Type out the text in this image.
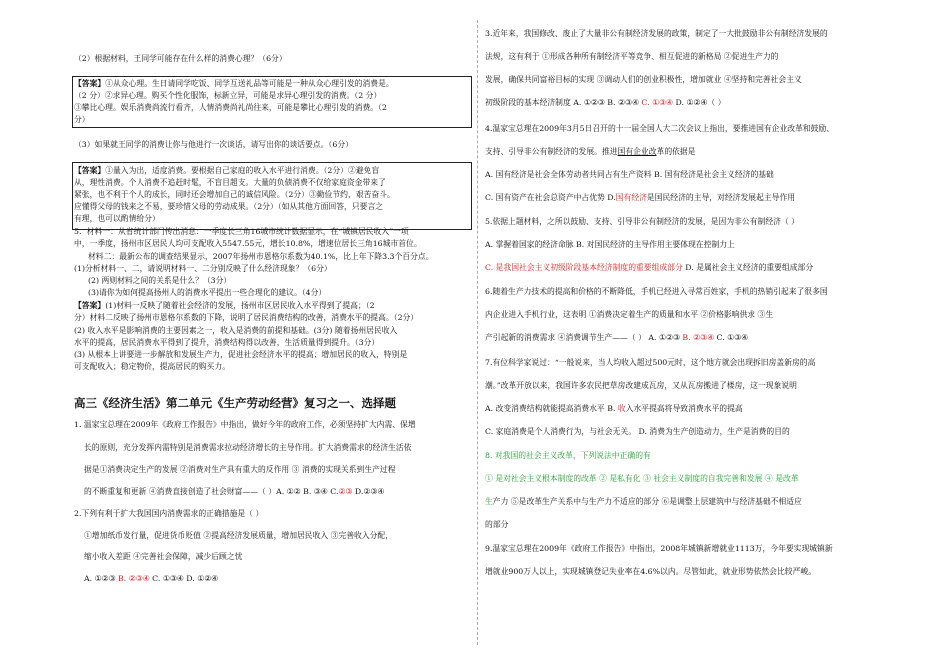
（2）根据材料，王同学可能存在什么样的消费心理？（6分）
【答案】①从众心理。生日请同学吃饭、同学互送礼品等可能是一种从众心理引发的消费是。
（2 分）②求异心理。购买个性化服饰，标新立异，可能是求异心理引发的消费。（2 分）
③攀比心理。娱乐消费尚流行看齐，人情消费尚礼尚往来，可能是攀比心理引发的消费。（2
分）
（3）如果就王同学的消费让你与他进行一次谈话，请写出你的谈话要点。（6分）
【答案】①量入为出，适度消费。要根据自己家庭的收入水平进行消费。（2分）②避免盲
从，理性消费。个人消费不追赶时髦，不盲目超支。大量的负债消费不仅给家庭资金带来了
紧张，也不利于个人的成长，同时还会增加自己的诚信风险。（2分）③勤俭节约，艰苦奋斗。
应懂得父母的钱来之不易，要珍惜父母的劳动成果。（2分）（如从其他方面回答，只要言之
有理，也可以酌情给分）
5．材料一：从省统计部门传出消息：一季度长三角16城市统计数据显示，在“城镇居民收入”一项
中，一季度，扬州市区居民人均可支配收入5547.55元，增长10.8%，增速位居长三角16城市首位。
材料二：最新公布的调查结果显示，2007年扬州市恩格尔系数为40.1%，比上年下降3.3个百分点。
(1)分析材料一、二，请说明材料一、二分别反映了什么经济现象？（6分）
(2) 两则材料之间的关系是什么？（3分）
(3)请你为如何提高扬州人的消费水平提出一些合理化的建议。（4分）
【答案】(1)材料一反映了随着社会经济的发展，扬州市区居民收入水平得到了提高；（2
分）材料二反映了扬州市恩格尔系数的下降，说明了居民消费结构的改善，消费水平的提高。（2分）
(2) 收入水平是影响消费的主要因素之一，收入是消费的前提和基础。(3分) 随着扬州居民收入
水平的提高，居民消费水平得到了提升，消费结构得以改善，生活质量得到提升。（3分）
(3) 从根本上讲要进一步解放和发展生产力，促进社会经济水平的提高；增加居民的收入，特别是
可支配收入；稳定物价，提高居民的购买力。
高三《经济生活》第二单元《生产劳动经营》复习之一、选择题
1. 温家宝总理在2009年《政府工作报告》中指出，做好今年的政府工作，必须坚持扩大内需、保增
长的原则，充分发挥内需特别是消费需求拉动经济增长的主导作用。扩大消费需求的经济生活依
据是①消费决定生产的发展 ②消费对生产具有重大的反作用 ③ 消费的实现关系到生产过程
的不断重复和更新 ④消费直接创造了社会财富——（ ）A. ①② B. ③④ C.②③ D.②③④
2.下列有利于扩大我国国内消费需求的正确措施是（ ）
①增加纸币发行量，促进货币贬值 ②提高经济发展质量，增加居民收入 ③完善收入分配，
缩小收入差距 ④完善社会保障，减少后顾之忧
A. ①②③ B. ②③④ C. ①③④ D. ①②④
3.近年来，我国修改、废止了大量非公有制经济发展的政策，制定了一大批鼓励非公有制经济发展的
法规，这有利于 ①形成各种所有制经济平等竞争、相互促进的新格局 ②促进生产力的
发展，确保共同富裕目标的实现 ③调动人们的创业积极性，增加就业 ④坚持和完善社会主义
初级阶段的基本经济制度 A. ①②③ B. ②③④ C. ①③④ D. ①②④（ ）
4.温家宝总理在2009年3月5日召开的十一届全国人大二次会议上指出，要推进国有企业改革和鼓励、
支持、引导非公有制经济的发展。推进国有企业改革的依据是
A. 国有经济是社会全体劳动者共同占有生产资料 B. 国有经济是社会主义经济的基础
C. 国有资产在社会总资产中占优势 D.国有经济是国民经济的主导，对经济发展起主导作用
5.依据上题材料，之所以鼓励、支持、引导非公有制经济的发展，是因为非公有制经济（ ）
A. 掌握着国家的经济命脉 B. 对国民经济的主导作用主要体现在控制力上
C. 是我国社会主义初级阶段基本经济制度的重要组成部分 D. 是属社会主义经济的重要组成部分
6.随着生产力技术的提高和价格的不断降低，手机已经进入寻常百姓家，手机的热销引起来了很多国
内企业进入手机行业，这表明 ①消费决定着生产的质量和水平 ②价格影响供求 ③生
产引起新的消费需求 ④消费调节生产——（ ） A. ①②③ B. ②③④ C. ①③④
7.有位科学家说过：“一般说来，当人均收入超过500元时，这个地方就会出现拆旧房盖新房的高
潮。”改革开放以来，我国许多农民把草房改建成瓦房，又从瓦房搬进了楼房，这一现象说明
A. 改变消费结构就能提高消费水平 B. 收入水平提高将导致消费水平的提高
C. 家庭消费是个人消费行为，与社会无关。 D. 消费为生产创造动力，生产是消费的目的
8. 对我国的社会主义改革，下列说法中正确的有
① 是对社会主义根本制度的改革 ② 是私有化 ③ 社会主义制度的自我完善和发展 ④ 是改革
生产力 ⑤是改革生产关系中与生产力不适应的部分 ⑥是调整上层建筑中与经济基础不相适应
的部分
9.温家宝总理在2009年《政府工作报告》中指出，2008年城镇新增就业1113万，今年要实现城镇新
增就业900万人以上，实现城镇登记失业率在4.6%以内。尽管如此，就业形势依然会比较严峻。
